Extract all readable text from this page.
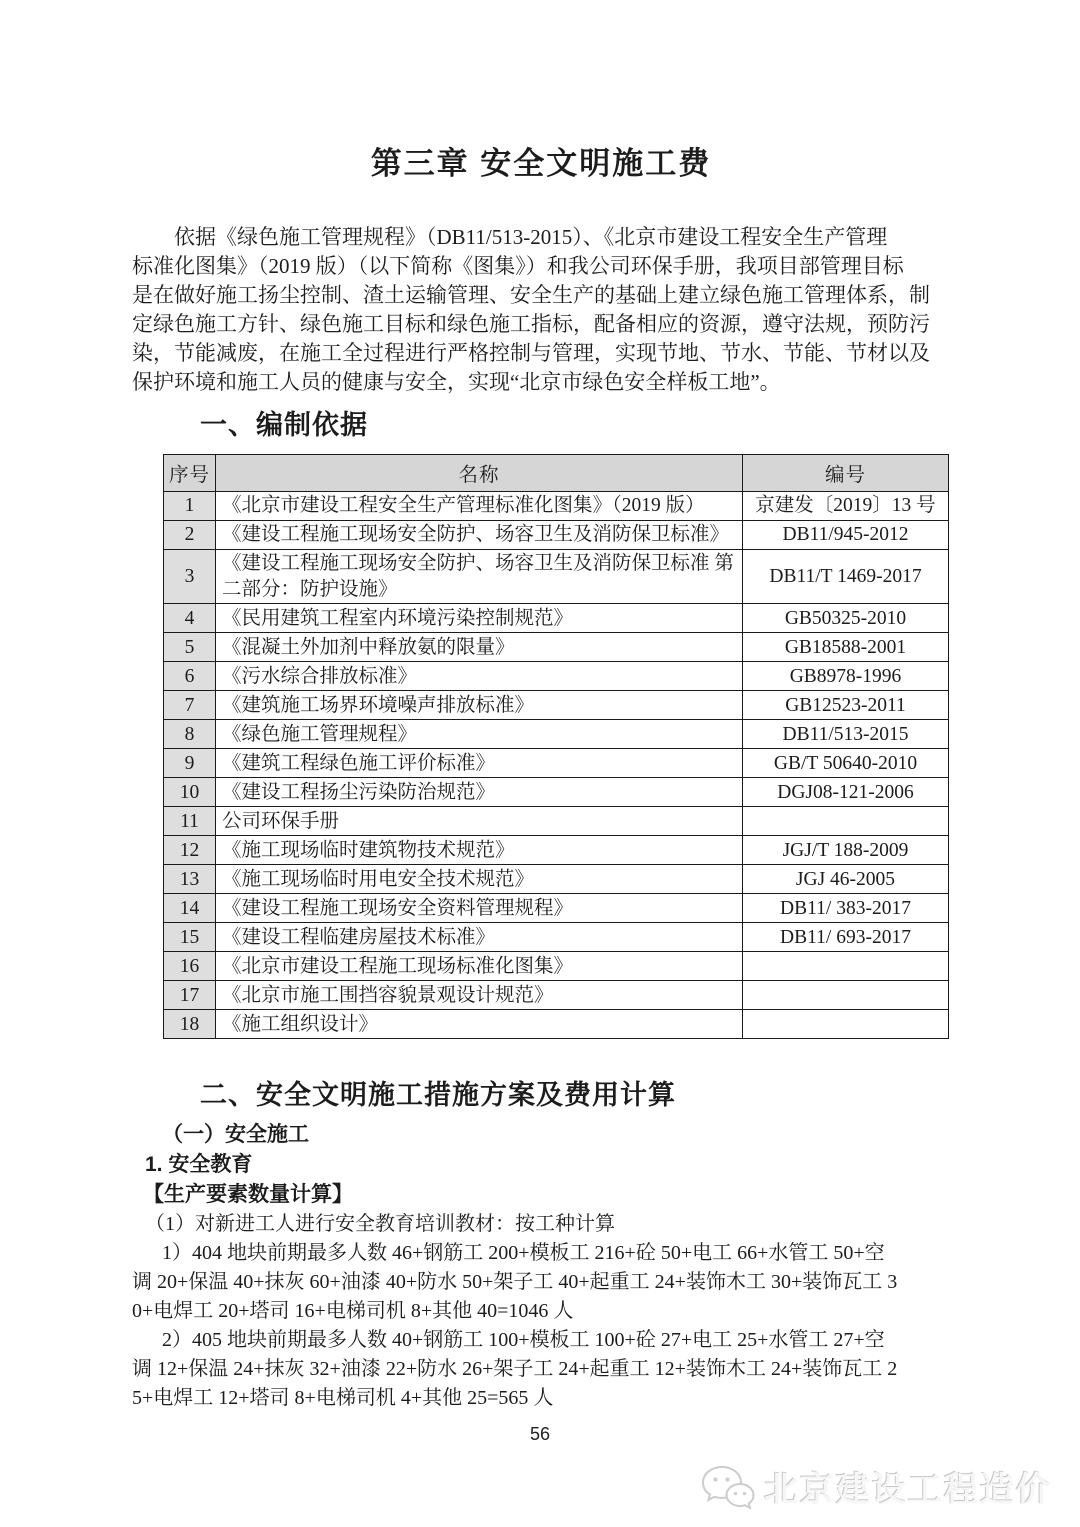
第三章 安全文明施工费
依据《绿色施工管理规程》（DB11/513-2015）、《北京市建设工程安全生产管理
标准化图集》（2019 版）（以下简称《图集》）和我公司环保手册，我项目部管理目标
是在做好施工扬尘控制、渣土运输管理、安全生产的基础上建立绿色施工管理体系，制
定绿色施工方针、绿色施工目标和绿色施工指标，配备相应的资源，遵守法规，预防污
染，节能减废，在施工全过程进行严格控制与管理，实现节地、节水、节能、节材以及
保护环境和施工人员的健康与安全，实现“北京市绿色安全样板工地”。
一、编制依据
序号	名称	编号
1	《北京市建设工程安全生产管理标准化图集》（2019 版）	京建发〔2019〕13 号
2	《建设工程施工现场安全防护、场容卫生及消防保卫标准》	DB11/945-2012
3	《建设工程施工现场安全防护、场容卫生及消防保卫标准 第二部分：防护设施》	DB11/T 1469-2017
4	《民用建筑工程室内环境污染控制规范》	GB50325-2010
5	《混凝土外加剂中释放氨的限量》	GB18588-2001
6	《污水综合排放标准》	GB8978-1996
7	《建筑施工场界环境噪声排放标准》	GB12523-2011
8	《绿色施工管理规程》	DB11/513-2015
9	《建筑工程绿色施工评价标准》	GB/T 50640-2010
10	《建设工程扬尘污染防治规范》	DGJ08-121-2006
11	公司环保手册	
12	《施工现场临时建筑物技术规范》	JGJ/T 188-2009
13	《施工现场临时用电安全技术规范》	JGJ 46-2005
14	《建设工程施工现场安全资料管理规程》	DB11/ 383-2017
15	《建设工程临建房屋技术标准》	DB11/ 693-2017
16	《北京市建设工程施工现场标准化图集》	
17	《北京市施工围挡容貌景观设计规范》	
18	《施工组织设计》	
二、安全文明施工措施方案及费用计算
（一）安全施工
1. 安全教育
【生产要素数量计算】
（1）对新进工人进行安全教育培训教材：按工种计算
1）404 地块前期最多人数 46+钢筋工 200+模板工 216+砼 50+电工 66+水管工 50+空
调 20+保温 40+抹灰 60+油漆 40+防水 50+架子工 40+起重工 24+装饰木工 30+装饰瓦工 3
0+电焊工 20+塔司 16+电梯司机 8+其他 40=1046 人
2）405 地块前期最多人数 40+钢筋工 100+模板工 100+砼 27+电工 25+水管工 27+空
调 12+保温 24+抹灰 32+油漆 22+防水 26+架子工 24+起重工 12+装饰木工 24+装饰瓦工 2
5+电焊工 12+塔司 8+电梯司机 4+其他 25=565 人
56
北京建设工程造价
